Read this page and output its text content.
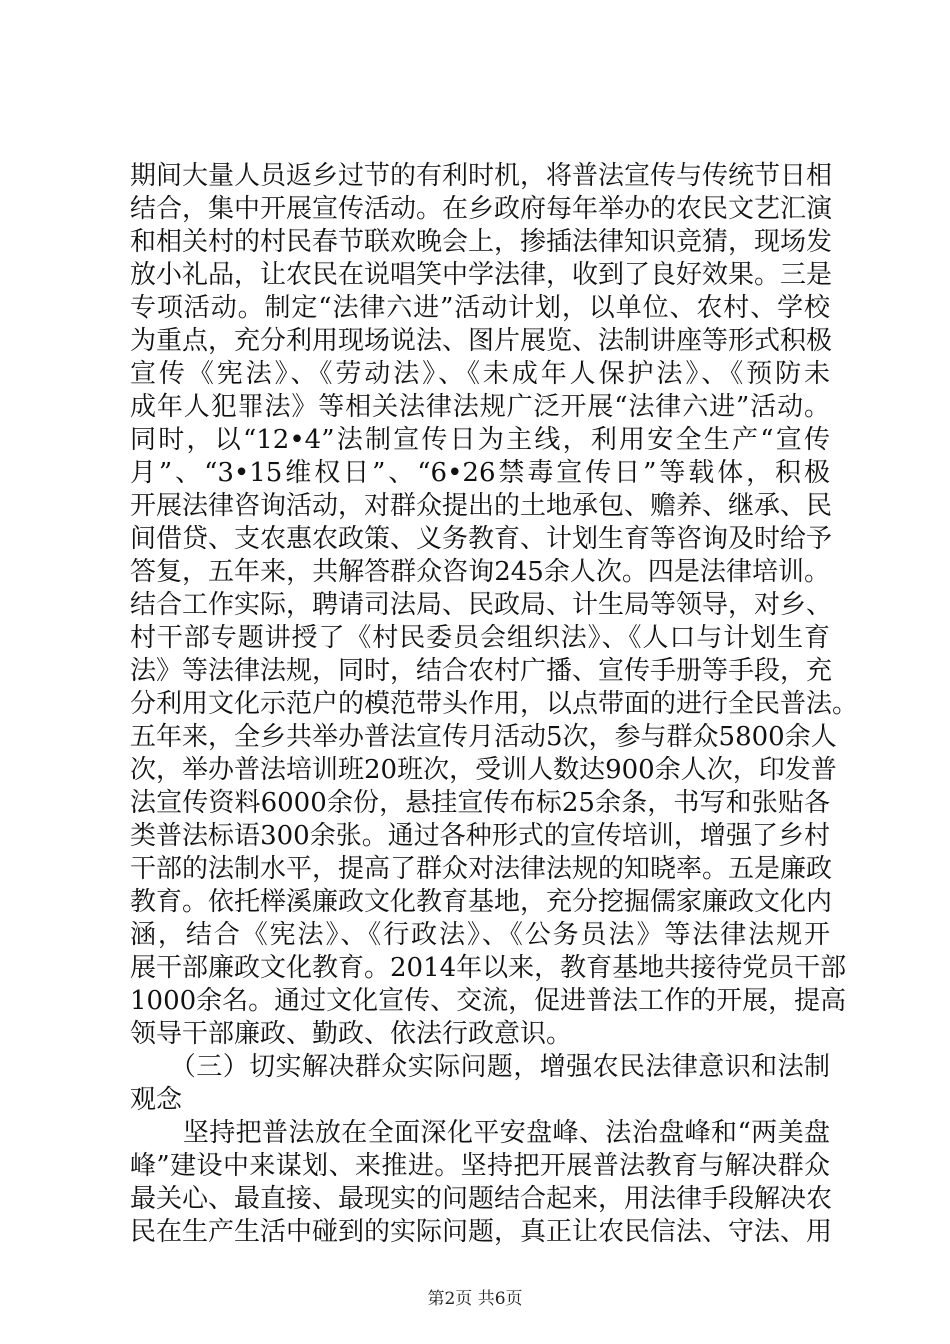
期间大量人员返乡过节的有利时机，将普法宣传与传统节日相
结合，集中开展宣传活动。在乡政府每年举办的农民文艺汇演
和相关村的村民春节联欢晚会上，掺插法律知识竞猜，现场发
放小礼品，让农民在说唱笑中学法律，收到了良好效果。三是
专项活动。制定“法律六进”活动计划，以单位、农村、学校
为重点，充分利用现场说法、图片展览、法制讲座等形式积极
宣传《宪法》、《劳动法》、《未成年人保护法》、《预防未
成年人犯罪法》等相关法律法规广泛开展“法律六进”活动。
同时，以“12•4”法制宣传日为主线，利用安全生产“宣传
月”、“3•15维权日”、“6•26禁毒宣传日”等载体，积极
开展法律咨询活动，对群众提出的土地承包、赡养、继承、民
间借贷、支农惠农政策、义务教育、计划生育等咨询及时给予
答复，五年来，共解答群众咨询245余人次。四是法律培训。
结合工作实际，聘请司法局、民政局、计生局等领导，对乡、
村干部专题讲授了《村民委员会组织法》、《人口与计划生育
法》等法律法规，同时，结合农村广播、宣传手册等手段，充
分利用文化示范户的模范带头作用，以点带面的进行全民普法。
五年来，全乡共举办普法宣传月活动5次，参与群众5800余人
次，举办普法培训班20班次，受训人数达900余人次，印发普
法宣传资料6000余份，悬挂宣传布标25余条，书写和张贴各
类普法标语300余张。通过各种形式的宣传培训，增强了乡村
干部的法制水平，提高了群众对法律法规的知晓率。五是廉政
教育。依托榉溪廉政文化教育基地，充分挖掘儒家廉政文化内
涵，结合《宪法》、《行政法》、《公务员法》等法律法规开
展干部廉政文化教育。2014年以来，教育基地共接待党员干部
1000余名。通过文化宣传、交流，促进普法工作的开展，提高
领导干部廉政、勤政、依法行政意识。
　　（三）切实解决群众实际问题，增强农民法律意识和法制
观念
　　坚持把普法放在全面深化平安盘峰、法治盘峰和“两美盘
峰”建设中来谋划、来推进。坚持把开展普法教育与解决群众
最关心、最直接、最现实的问题结合起来，用法律手段解决农
民在生产生活中碰到的实际问题，真正让农民信法、守法、用
第2页 共6页
